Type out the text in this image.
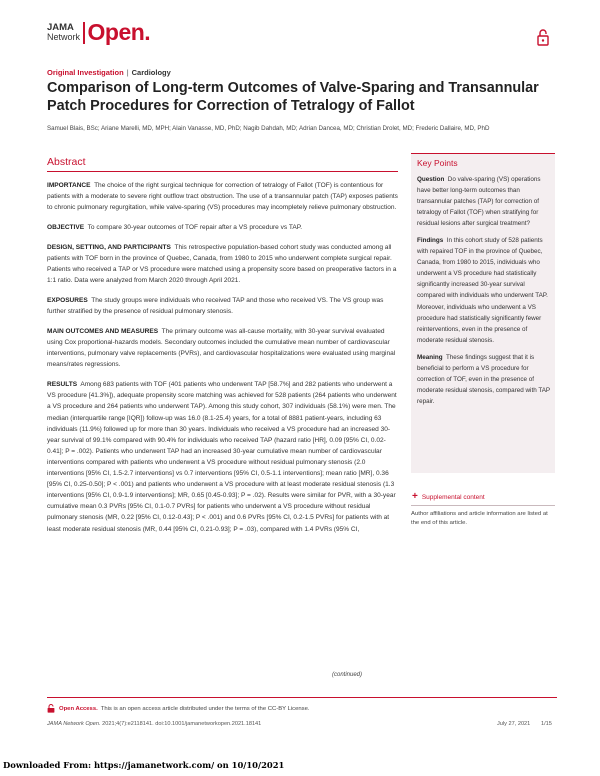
JAMA
Network Open.
Original Investigation | Cardiology
Comparison of Long-term Outcomes of Valve-Sparing and Transannular Patch Procedures for Correction of Tetralogy of Fallot
Samuel Blais, BSc; Ariane Marelli, MD, MPH; Alain Vanasse, MD, PhD; Nagib Dahdah, MD; Adrian Dancea, MD; Christian Drolet, MD; Frederic Dallaire, MD, PhD
Abstract

IMPORTANCE The choice of the right surgical technique for correction of tetralogy of Fallot (TOF) is contentious for patients with a moderate to severe right outflow tract obstruction. The use of a transannular patch (TAP) exposes patients to chronic pulmonary regurgitation, while valve-sparing (VS) procedures may incompletely relieve pulmonary obstruction.

OBJECTIVE To compare 30-year outcomes of TOF repair after a VS procedure vs TAP.

DESIGN, SETTING, AND PARTICIPANTS This retrospective population-based cohort study was conducted among all patients with TOF born in the province of Quebec, Canada, from 1980 to 2015 who underwent complete surgical repair. Patients who received a TAP or VS procedure were matched using a propensity score based on preoperative factors in a 1:1 ratio. Data were analyzed from March 2020 through April 2021.

EXPOSURES The study groups were individuals who received TAP and those who received VS. The VS group was further stratified by the presence of residual pulmonary stenosis.

MAIN OUTCOMES AND MEASURES The primary outcome was all-cause mortality, with 30-year survival evaluated using Cox proportional-hazards models. Secondary outcomes included the cumulative mean number of cardiovascular interventions, pulmonary valve replacements (PVRs), and cardiovascular hospitalizations were evaluated using marginal means/rates regressions.

RESULTS Among 683 patients with TOF (401 patients who underwent TAP [58.7%] and 282 patients who underwent a VS procedure [41.3%]), adequate propensity score matching was achieved for 528 patients (264 patients who underwent a VS procedure and 264 patients who underwent TAP). Among this study cohort, 307 individuals (58.1%) were men. The median (interquartile range [IQR]) follow-up was 16.0 (8.1-25.4) years, for a total of 8881 patient-years, including 63 individuals (11.9%) followed up for more than 30 years. Individuals who received a VS procedure had an increased 30-year survival of 99.1% compared with 90.4% for individuals who received TAP (hazard ratio [HR], 0.09 [95% CI, 0.02-0.41]; P = .002). Patients who underwent TAP had an increased 30-year cumulative mean number of cardiovascular interventions compared with patients who underwent a VS procedure without residual pulmonary stenosis (2.0 interventions [95% CI, 1.5-2.7 interventions] vs 0.7 interventions [95% CI, 0.5-1.1 interventions]; mean ratio [MR], 0.36 [95% CI, 0.25-0.50]; P < .001) and patients who underwent a VS procedure with at least moderate residual stenosis (1.3 interventions [95% CI, 0.9-1.9 interventions]; MR, 0.65 [0.45-0.93]; P = .02). Results were similar for PVR, with a 30-year cumulative mean 0.3 PVRs [95% CI, 0.1-0.7 PVRs] for patients who underwent a VS procedure without residual pulmonary stenosis (MR, 0.22 [95% CI, 0.12-0.43]; P < .001) and 0.6 PVRs [95% CI, 0.2-1.5 PVRs] for patients with at least moderate residual stenosis (MR, 0.44 [95% CI, 0.21-0.93]; P = .03), compared with 1.4 PVRs (95% CI,

(continued)
Key Points

Question Do valve-sparing (VS) operations have better long-term outcomes than transannular patches (TAP) for correction of tetralogy of Fallot (TOF) when stratifying for residual lesions after surgical treatment?

Findings In this cohort study of 528 patients with repaired TOF in the province of Quebec, Canada, from 1980 to 2015, individuals who underwent a VS procedure had statistically significantly increased 30-year survival compared with individuals who underwent TAP. Moreover, individuals who underwent a VS procedure had statistically significantly fewer reinterventions, even in the presence of moderate residual stenosis.

Meaning These findings suggest that it is beneficial to perform a VS procedure for correction of TOF, even in the presence of moderate residual stenosis, compared with TAP repair.

+ Supplemental content
Author affiliations and article information are listed at the end of this article.
Open Access. This is an open access article distributed under the terms of the CC-BY License.
JAMA Network Open. 2021;4(7):e2118141. doi:10.1001/jamanetworkopen.2021.18141	July 27, 2021 1/15
Downloaded From: https://jamanetwork.com/ on 10/10/2021
